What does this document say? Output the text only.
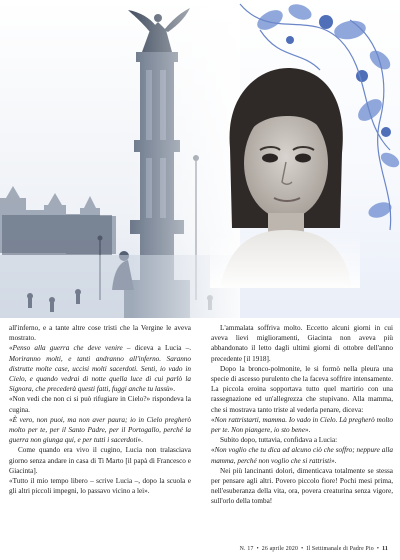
all'inferno, e a tante altre cose tristi che la Vergine le aveva mostrato.

«Penso alla guerra che deve venire – diceva a Lucia –. Moriranno molti, e tanti andranno all'inferno. Saranno distrutte molte case, uccisi molti sacerdoti. Senti, io vado in Cielo, e quando vedrai di notte quella luce di cui parlò la Signora, che precederà questi fatti, fuggi anche tu lassù».

«Non vedi che non ci si può rifugiare in Cielo?» rispondeva la cugina.

«È vero, non puoi, ma non aver paura; io in Cielo pregherò molto per te, per il Santo Padre, per il Portogallo, perché la guerra non giunga qui, e per tutti i sacerdoti».

Come quando era vivo il cugino, Lucia non tralasciava giorno senza andare in casa di Ti Marto [il papà di Francesco e Giacinta].

«Tutto il mio tempo libero – scrive Lucia –, dopo la scuola e gli altri piccoli impegni, lo passavo vicino a lei».

L'ammalata soffriva molto. Eccetto alcuni giorni in cui aveva lievi miglioramenti, Giacinta non aveva più abbandonato il letto dagli ultimi giorni di ottobre dell'anno precedente [il 1918].

Dopo la bronco-polmonite, le si formò nella pleura una specie di ascesso purulento che la faceva soffrire intensamente. La piccola eroina sopportava tutto quel martirio con una rassegnazione ed un'allegrezza che stupivano. Alla mamma, che si mostrava tanto triste al vederla penare, diceva:

«Non rattristarti, mamma. Io vado in Cielo. Là pregherò molto per te. Non piangere, io sto bene».

Subito dopo, tuttavia, confidava a Lucia:

«Non voglio che tu dica ad alcuno ciò che soffro; neppure alla mamma, perché non voglio che si rattristi».

Nei più lancinanti dolori, dimenticava totalmente se stessa per pensare agli altri. Povero piccolo fiore! Pochi mesi prima, nell'esuberanza della vita, ora, povera creaturina senza vigore, sull'orlo della tomba!

N. 17 • 26 aprile 2020 • Il Settimanale di Padre Pio • 11
